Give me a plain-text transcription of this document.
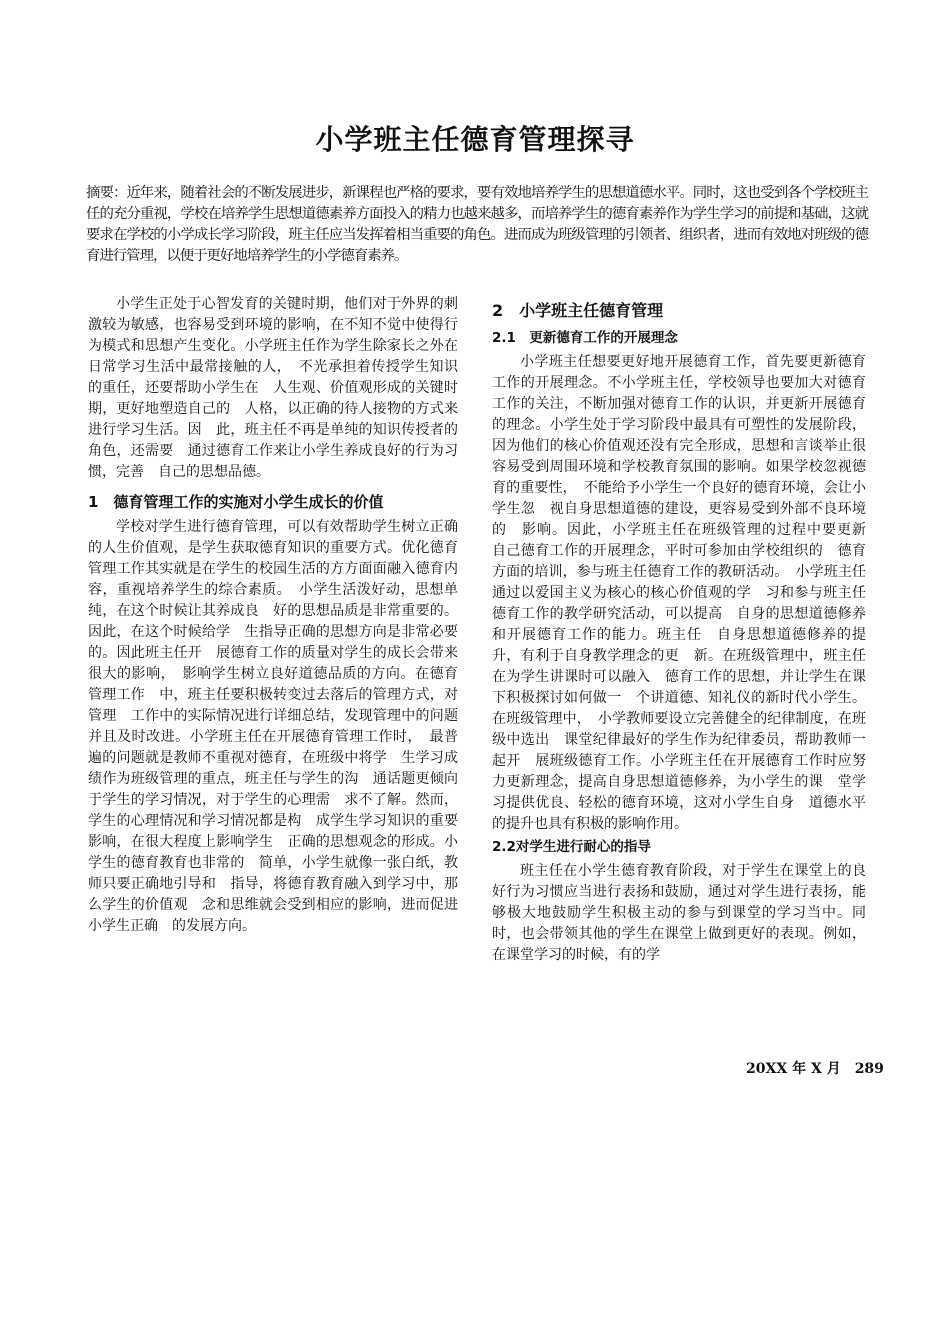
小学班主任德育管理探寻
摘要：近年来，随着社会的不断发展进步，新课程也严格的要求，要有效地培养学生的思想道德水平。同时，这也受到各个学校班主任的充分重视，学校在培养学生思想道德素养方面投入的精力也越来越多，而培养学生的德育素养作为学生学习的前提和基础，这就要求在学校的小学成长学习阶段，班主任应当发挥着相当重要的角色。进而成为班级管理的引领者、组织者，进而有效地对班级的德育进行管理，以便于更好地培养学生的小学德育素养。

小学生正处于心智发育的关键时期，他们对于外界的刺激较为敏感，也容易受到环境的影响，在不知不觉中使得行为模式和思想产生变化。小学班主任作为学生除家长之外在日常学习生活中最常接触的人，　不光承担着传授学生知识的重任，还要帮助小学生在　人生观、价值观形成的关键时期，更好地塑造自己的　人格，以正确的待人接物的方式来进行学习生活。因　此，班主任不再是单纯的知识传授者的角色，还需要　通过德育工作来让小学生养成良好的行为习惯，完善　自己的思想品德。

1　德育管理工作的实施对小学生成长的价值

学校对学生进行德育管理，可以有效帮助学生树立正确的人生价值观，是学生获取德育知识的重要方式。优化德育管理工作其实就是在学生的校园生活的方方面面融入德育内容，重视培养学生的综合素质。　小学生活泼好动，思想单纯，在这个时候让其养成良　好的思想品质是非常重要的。因此，在这个时候给学　生指导正确的思想方向是非常必要的。因此班主任开　展德育工作的质量对学生的成长会带来很大的影响，　影响学生树立良好道德品质的方向。在德育管理工作　中，班主任要积极转变过去落后的管理方式，对管理　工作中的实际情况进行详细总结，发现管理中的问题　并且及时改进。小学班主任在开展德育管理工作时，　最普遍的问题就是教师不重视对德育，在班级中将学　生学习成绩作为班级管理的重点，班主任与学生的沟　通话题更倾向于学生的学习情况，对于学生的心理需　求不了解。然而，学生的心理情况和学习情况都是构　成学生学习知识的重要影响，在很大程度上影响学生　正确的思想观念的形成。小学生的德育教育也非常的　简单，小学生就像一张白纸，教师只要正确地引导和　指导，将德育教育融入到学习中，那么学生的价值观　念和思维就会受到相应的影响，进而促进小学生正确　的发展方向。

2　小学班主任德育管理
2.1　更新德育工作的开展理念

小学班主任想要更好地开展德育工作，首先要更新德育工作的开展理念。不小学班主任，学校领导也要加大对德育工作的关注，不断加强对德育工作的认识，并更新开展德育的理念。小学生处于学习阶段中最具有可塑性的发展阶段，因为他们的核心价值观还没有完全形成，思想和言谈举止很容易受到周围环境和学校教育氛围的影响。如果学校忽视德育的重要性，　不能给予小学生一个良好的德育环境，会让小学生忽　视自身思想道德的建设，更容易受到外部不良环境的　影响。因此，小学班主任在班级管理的过程中要更新　自己德育工作的开展理念，平时可参加由学校组织的　德育方面的培训，参与班主任德育工作的教研活动。　小学班主任通过以爱国主义为核心的核心价值观的学　习和参与班主任德育工作的教学研究活动，可以提高　自身的思想道德修养和开展德育工作的能力。班主任　自身思想道德修养的提升，有利于自身教学理念的更　新。在班级管理中，班主任在为学生讲课时可以融入　德育工作的思想，并让学生在课下积极探讨如何做一　个讲道德、知礼仪的新时代小学生。在班级管理中，　小学教师要设立完善健全的纪律制度，在班级中选出　课堂纪律最好的学生作为纪律委员，帮助教师一起开　展班级德育工作。小学班主任在开展德育工作时应努　力更新理念，提高自身思想道德修养，为小学生的课　堂学习提供优良、轻松的德育环境，这对小学生自身　道德水平的提升也具有积极的影响作用。

2.2对学生进行耐心的指导

班主任在小学生德育教育阶段，对于学生在课堂上的良好行为习惯应当进行表扬和鼓励，通过对学生进行表扬，能够极大地鼓励学生积极主动的参与到课堂的学习当中。同时，也会带领其他的学生在课堂上做到更好的表现。例如，在课堂学习的时候，有的学

20XX 年 X 月　289
